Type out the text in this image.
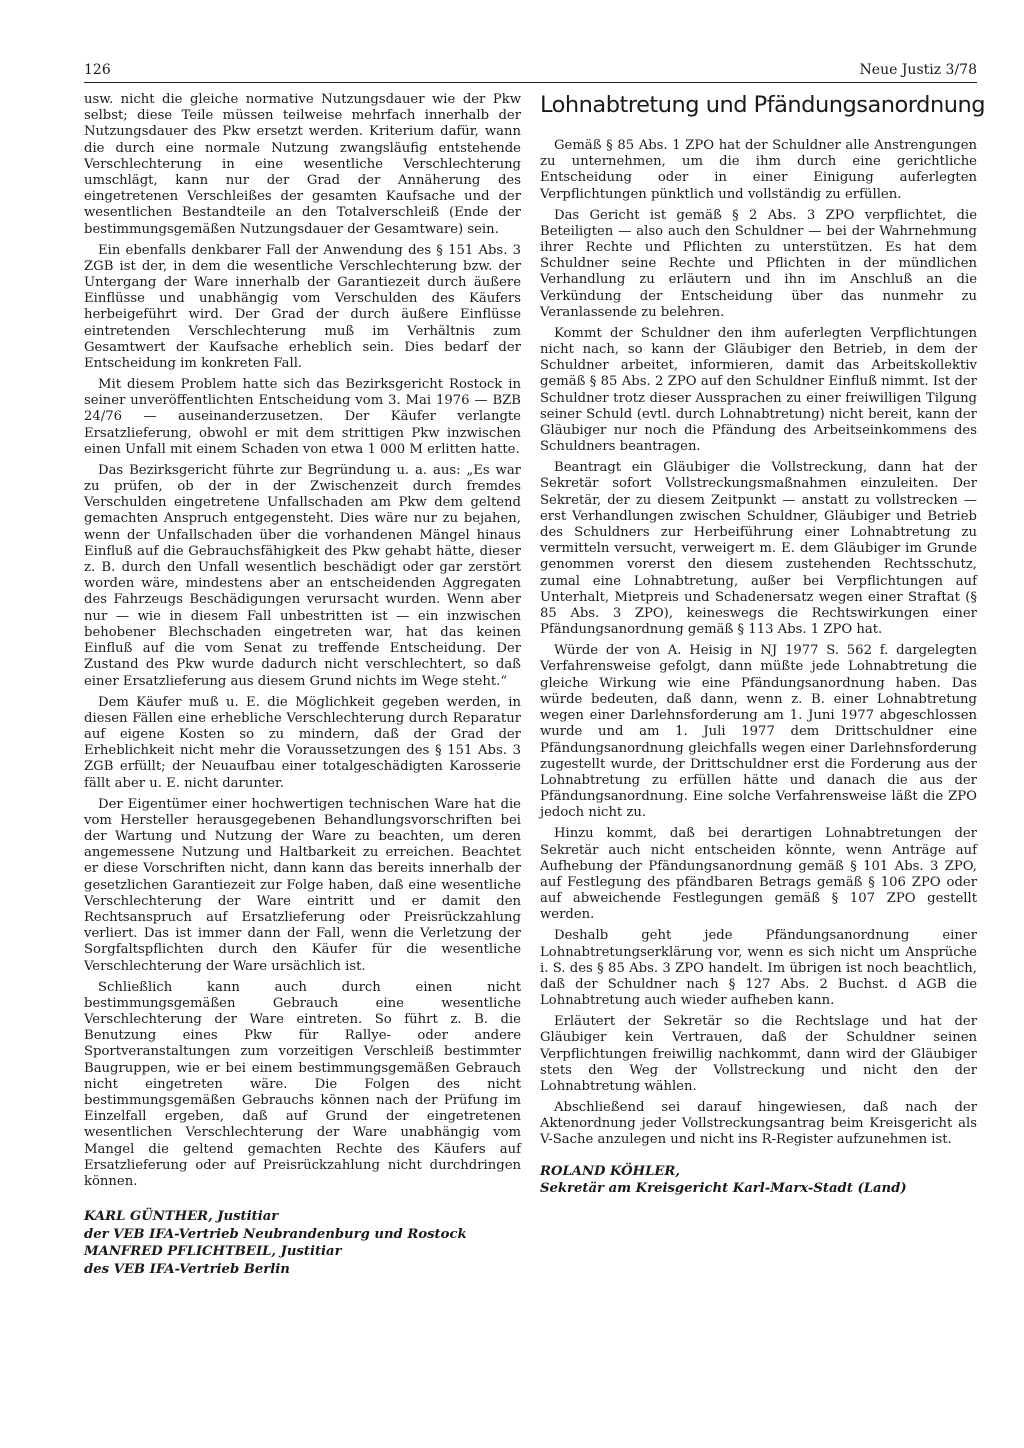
126	Neue Justiz 3/78

usw. nicht die gleiche normative Nutzungsdauer wie der Pkw selbst; diese Teile müssen teilweise mehrfach innerhalb der Nutzungsdauer des Pkw ersetzt werden. Kriterium dafür, wann die durch eine normale Nutzung zwangsläufig entstehende Verschlechterung in eine wesentliche Verschlechterung umschlägt, kann nur der Grad der Annäherung des eingetretenen Verschleißes der gesamten Kaufsache und der wesentlichen Bestandteile an den Totalverschleiß (Ende der bestimmungsgemäßen Nutzungsdauer der Gesamtware) sein.

Ein ebenfalls denkbarer Fall der Anwendung des § 151 Abs. 3 ZGB ist der, in dem die wesentliche Verschlechterung bzw. der Untergang der Ware innerhalb der Garantiezeit durch äußere Einflüsse und unabhängig vom Verschulden des Käufers herbeigeführt wird. Der Grad der durch äußere Einflüsse eintretenden Verschlechterung muß im Verhältnis zum Gesamtwert der Kaufsache erheblich sein. Dies bedarf der Entscheidung im konkreten Fall.

Mit diesem Problem hatte sich das Bezirksgericht Rostock in seiner unveröffentlichten Entscheidung vom 3. Mai 1976 — BZB 24/76 — auseinanderzusetzen. Der Käufer verlangte Ersatzlieferung, obwohl er mit dem strittigen Pkw inzwischen einen Unfall mit einem Schaden von etwa 1 000 M erlitten hatte.

Das Bezirksgericht führte zur Begründung u. a. aus: „Es war zu prüfen, ob der in der Zwischenzeit durch fremdes Verschulden eingetretene Unfallschaden am Pkw dem geltend gemachten Anspruch entgegensteht. Dies wäre nur zu bejahen, wenn der Unfallschaden über die vorhandenen Mängel hinaus Einfluß auf die Gebrauchsfähigkeit des Pkw gehabt hätte, dieser z. B. durch den Unfall wesentlich beschädigt oder gar zerstört worden wäre, mindestens aber an entscheidenden Aggregaten des Fahrzeugs Beschädigungen verursacht wurden. Wenn aber nur — wie in diesem Fall unbestritten ist — ein inzwischen behobener Blechschaden eingetreten war, hat das keinen Einfluß auf die vom Senat zu treffende Entscheidung. Der Zustand des Pkw wurde dadurch nicht verschlechtert, so daß einer Ersatzlieferung aus diesem Grund nichts im Wege steht.“

Dem Käufer muß u. E. die Möglichkeit gegeben werden, in diesen Fällen eine erhebliche Verschlechterung durch Reparatur auf eigene Kosten so zu mindern, daß der Grad der Erheblichkeit nicht mehr die Voraussetzungen des § 151 Abs. 3 ZGB erfüllt; der Neuaufbau einer totalgeschädigten Karosserie fällt aber u. E. nicht darunter.

Der Eigentümer einer hochwertigen technischen Ware hat die vom Hersteller herausgegebenen Behandlungsvorschriften bei der Wartung und Nutzung der Ware zu beachten, um deren angemessene Nutzung und Haltbarkeit zu erreichen. Beachtet er diese Vorschriften nicht, dann kann das bereits innerhalb der gesetzlichen Garantiezeit zur Folge haben, daß eine wesentliche Verschlechterung der Ware eintritt und er damit den Rechtsanspruch auf Ersatzlieferung oder Preisrückzahlung verliert. Das ist immer dann der Fall, wenn die Verletzung der Sorgfaltspflichten durch den Käufer für die wesentliche Verschlechterung der Ware ursächlich ist.

Schließlich kann auch durch einen nicht bestimmungsgemäßen Gebrauch eine wesentliche Verschlechterung der Ware eintreten. So führt z. B. die Benutzung eines Pkw für Rallye- oder andere Sportveranstaltungen zum vorzeitigen Verschleiß bestimmter Baugruppen, wie er bei einem bestimmungsgemäßen Gebrauch nicht eingetreten wäre. Die Folgen des nicht bestimmungsgemäßen Gebrauchs können nach der Prüfung im Einzelfall ergeben, daß auf Grund der eingetretenen wesentlichen Verschlechterung der Ware unabhängig vom Mangel die geltend gemachten Rechte des Käufers auf Ersatzlieferung oder auf Preisrückzahlung nicht durchdringen können.

KARL GÜNTHER, Justitiar
der VEB IFA-Vertrieb Neubrandenburg und Rostock
MANFRED PFLICHTBEIL, Justitiar
des VEB IFA-Vertrieb Berlin
Lohnabtretung und Pfändungsanordnung

Gemäß § 85 Abs. 1 ZPO hat der Schuldner alle Anstrengungen zu unternehmen, um die ihm durch eine gerichtliche Entscheidung oder in einer Einigung auferlegten Verpflichtungen pünktlich und vollständig zu erfüllen.

Das Gericht ist gemäß § 2 Abs. 3 ZPO verpflichtet, die Beteiligten — also auch den Schuldner — bei der Wahrnehmung ihrer Rechte und Pflichten zu unterstützen. Es hat dem Schuldner seine Rechte und Pflichten in der mündlichen Verhandlung zu erläutern und ihn im Anschluß an die Verkündung der Entscheidung über das nunmehr zu Veranlassende zu belehren.

Kommt der Schuldner den ihm auferlegten Verpflichtungen nicht nach, so kann der Gläubiger den Betrieb, in dem der Schuldner arbeitet, informieren, damit das Arbeitskollektiv gemäß § 85 Abs. 2 ZPO auf den Schuldner Einfluß nimmt. Ist der Schuldner trotz dieser Aussprachen zu einer freiwilligen Tilgung seiner Schuld (evtl. durch Lohnabtretung) nicht bereit, kann der Gläubiger nur noch die Pfändung des Arbeitseinkommens des Schuldners beantragen.

Beantragt ein Gläubiger die Vollstreckung, dann hat der Sekretär sofort Vollstreckungsmaßnahmen einzuleiten. Der Sekretär, der zu diesem Zeitpunkt — anstatt zu vollstrecken — erst Verhandlungen zwischen Schuldner, Gläubiger und Betrieb des Schuldners zur Herbeiführung einer Lohnabtretung zu vermitteln versucht, verweigert m. E. dem Gläubiger im Grunde genommen vorerst den diesem zustehenden Rechtsschutz, zumal eine Lohnabtretung, außer bei Verpflichtungen auf Unterhalt, Mietpreis und Schadenersatz wegen einer Straftat (§ 85 Abs. 3 ZPO), keineswegs die Rechtswirkungen einer Pfändungsanordnung gemäß § 113 Abs. 1 ZPO hat.

Würde der von A. Heisig in NJ 1977 S. 562 f. dargelegten Verfahrensweise gefolgt, dann müßte jede Lohnabtretung die gleiche Wirkung wie eine Pfändungsanordnung haben. Das würde bedeuten, daß dann, wenn z. B. einer Lohnabtretung wegen einer Darlehnsforderung am 1. Juni 1977 abgeschlossen wurde und am 1. Juli 1977 dem Drittschuldner eine Pfändungsanordnung gleichfalls wegen einer Darlehnsforderung zugestellt wurde, der Drittschuldner erst die Forderung aus der Lohnabtretung zu erfüllen hätte und danach die aus der Pfändungsanordnung. Eine solche Verfahrensweise läßt die ZPO jedoch nicht zu.

Hinzu kommt, daß bei derartigen Lohnabtretungen der Sekretär auch nicht entscheiden könnte, wenn Anträge auf Aufhebung der Pfändungsanordnung gemäß § 101 Abs. 3 ZPO, auf Festlegung des pfändbaren Betrags gemäß § 106 ZPO oder auf abweichende Festlegungen gemäß § 107 ZPO gestellt werden.

Deshalb geht jede Pfändungsanordnung einer Lohnabtretungserklärung vor, wenn es sich nicht um Ansprüche i. S. des § 85 Abs. 3 ZPO handelt. Im übrigen ist noch beachtlich, daß der Schuldner nach § 127 Abs. 2 Buchst. d AGB die Lohnabtretung auch wieder aufheben kann.

Erläutert der Sekretär so die Rechtslage und hat der Gläubiger kein Vertrauen, daß der Schuldner seinen Verpflichtungen freiwillig nachkommt, dann wird der Gläubiger stets den Weg der Vollstreckung und nicht den der Lohnabtretung wählen.

Abschließend sei darauf hingewiesen, daß nach der Aktenordnung jeder Vollstreckungsantrag beim Kreisgericht als V-Sache anzulegen und nicht ins R-Register aufzunehmen ist.

ROLAND KÖHLER,
Sekretär am Kreisgericht Karl-Marx-Stadt (Land)
